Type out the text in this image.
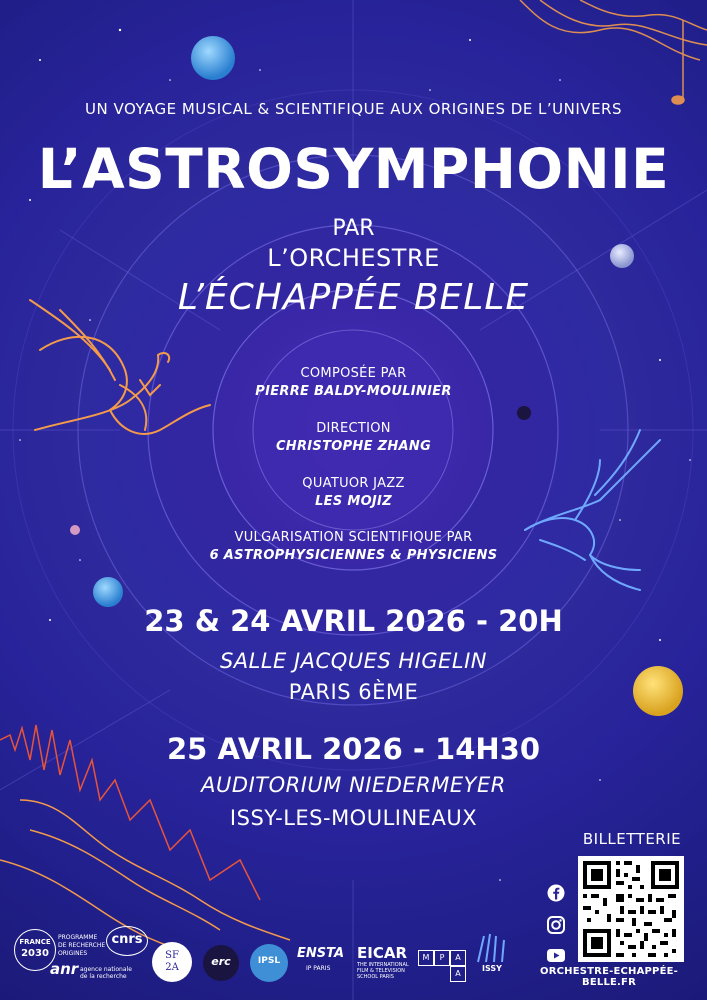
UN VOYAGE MUSICAL & SCIENTIFIQUE AUX ORIGINES DE L’UNIVERS
L’ASTROSYMPHONIE
PAR
L’ORCHESTRE
L’ÉCHAPPÉE BELLE
COMPOSÉE PAR
PIERRE BALDY-MOULINIER
DIRECTION
CHRISTOPHE ZHANG
QUATUOR JAZZ
LES MOJIZ
VULGARISATION SCIENTIFIQUE PAR
6 ASTROPHYSICIENNES & PHYSICIENS
23 & 24 AVRIL 2026 - 20H
SALLE JACQUES HIGELIN
PARIS 6ÈME
25 AVRIL 2026 - 14H30
AUDITORIUM NIEDERMEYER
ISSY-LES-MOULINEAUX
BILLETTERIE
ORCHESTRE-ECHAPPÉE-BELLE.FR
FRANCE
2030
PROGRAMME
DE RECHERCHE
ORIGINES
anr agence nationale
de la recherche
cnrs
SF
2A	erc	IPSL	ENSTA
IP PARIS
EICAR
THE INTERNATIONAL
FILM & TELEVISION
SCHOOL PARIS
M	P	A
A
ISSY
